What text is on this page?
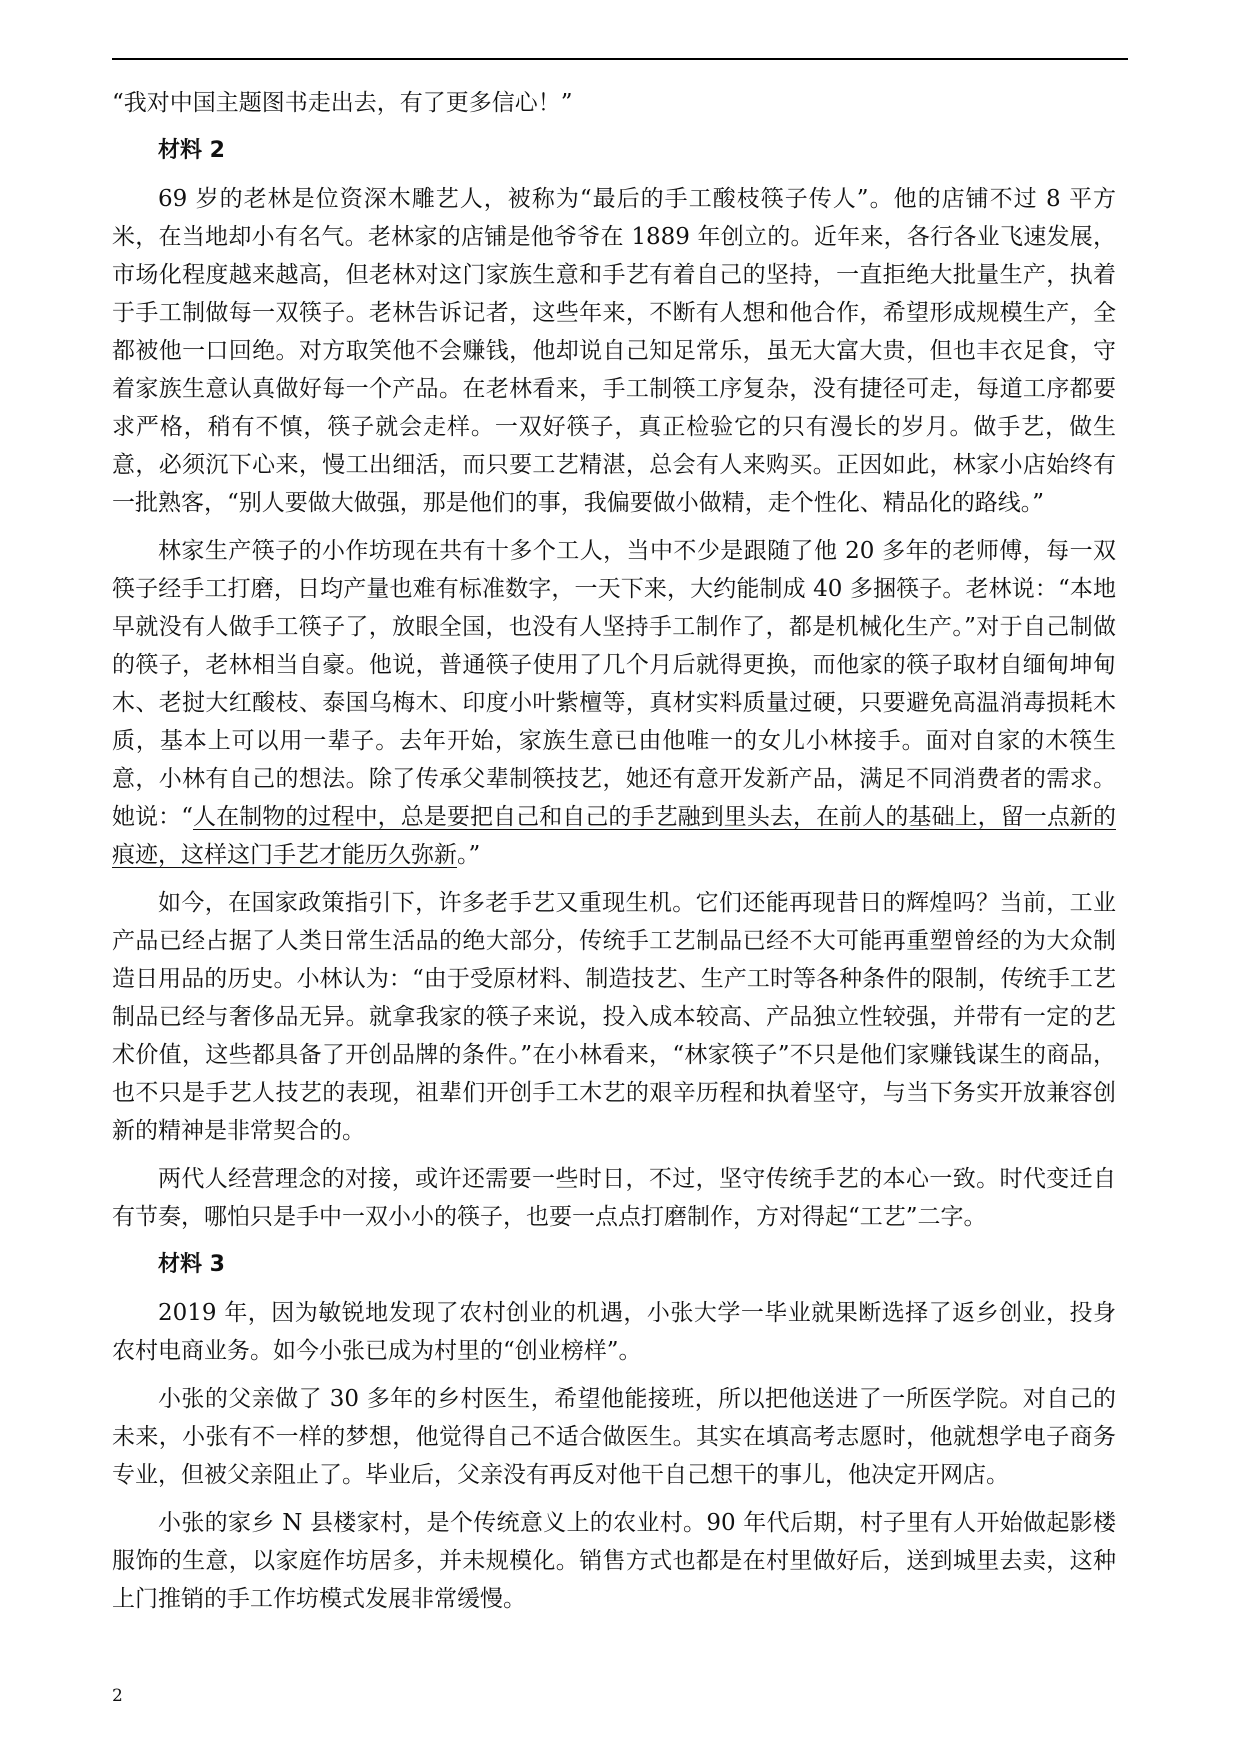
“我对中国主题图书走出去，有了更多信心！”

材料 2

69 岁的老林是位资深木雕艺人，被称为“最后的手工酸枝筷子传人”。他的店铺不过 8 平方米，在当地却小有名气。老林家的店铺是他爷爷在 1889 年创立的。近年来，各行各业飞速发展，市场化程度越来越高，但老林对这门家族生意和手艺有着自己的坚持，一直拒绝大批量生产，执着于手工制做每一双筷子。老林告诉记者，这些年来，不断有人想和他合作，希望形成规模生产，全都被他一口回绝。对方取笑他不会赚钱，他却说自己知足常乐，虽无大富大贵，但也丰衣足食，守着家族生意认真做好每一个产品。在老林看来，手工制筷工序复杂，没有捷径可走，每道工序都要求严格，稍有不慎，筷子就会走样。一双好筷子，真正检验它的只有漫长的岁月。做手艺，做生意，必须沉下心来，慢工出细活，而只要工艺精湛，总会有人来购买。正因如此，林家小店始终有一批熟客，“别人要做大做强，那是他们的事，我偏要做小做精，走个性化、精品化的路线。”

林家生产筷子的小作坊现在共有十多个工人，当中不少是跟随了他 20 多年的老师傅，每一双筷子经手工打磨，日均产量也难有标准数字，一天下来，大约能制成 40 多捆筷子。老林说：“本地早就没有人做手工筷子了，放眼全国，也没有人坚持手工制作了，都是机械化生产。”对于自己制做的筷子，老林相当自豪。他说，普通筷子使用了几个月后就得更换，而他家的筷子取材自缅甸坤甸木、老挝大红酸枝、泰国乌梅木、印度小叶紫檀等，真材实料质量过硬，只要避免高温消毒损耗木质，基本上可以用一辈子。去年开始，家族生意已由他唯一的女儿小林接手。面对自家的木筷生意，小林有自己的想法。除了传承父辈制筷技艺，她还有意开发新产品，满足不同消费者的需求。她说：“人在制物的过程中，总是要把自己和自己的手艺融到里头去，在前人的基础上，留一点新的痕迹，这样这门手艺才能历久弥新。”

如今，在国家政策指引下，许多老手艺又重现生机。它们还能再现昔日的辉煌吗？当前，工业产品已经占据了人类日常生活品的绝大部分，传统手工艺制品已经不大可能再重塑曾经的为大众制造日用品的历史。小林认为：“由于受原材料、制造技艺、生产工时等各种条件的限制，传统手工艺制品已经与奢侈品无异。就拿我家的筷子来说，投入成本较高、产品独立性较强，并带有一定的艺术价值，这些都具备了开创品牌的条件。”在小林看来，“林家筷子”不只是他们家赚钱谋生的商品，也不只是手艺人技艺的表现，祖辈们开创手工木艺的艰辛历程和执着坚守，与当下务实开放兼容创新的精神是非常契合的。

两代人经营理念的对接，或许还需要一些时日，不过，坚守传统手艺的本心一致。时代变迁自有节奏，哪怕只是手中一双小小的筷子，也要一点点打磨制作，方对得起“工艺”二字。

材料 3

2019 年，因为敏锐地发现了农村创业的机遇，小张大学一毕业就果断选择了返乡创业，投身农村电商业务。如今小张已成为村里的“创业榜样”。

小张的父亲做了 30 多年的乡村医生，希望他能接班，所以把他送进了一所医学院。对自己的未来，小张有不一样的梦想，他觉得自己不适合做医生。其实在填高考志愿时，他就想学电子商务专业，但被父亲阻止了。毕业后，父亲没有再反对他干自己想干的事儿，他决定开网店。

小张的家乡 N 县楼家村，是个传统意义上的农业村。90 年代后期，村子里有人开始做起影楼服饰的生意，以家庭作坊居多，并未规模化。销售方式也都是在村里做好后，送到城里去卖，这种上门推销的手工作坊模式发展非常缓慢。

2
